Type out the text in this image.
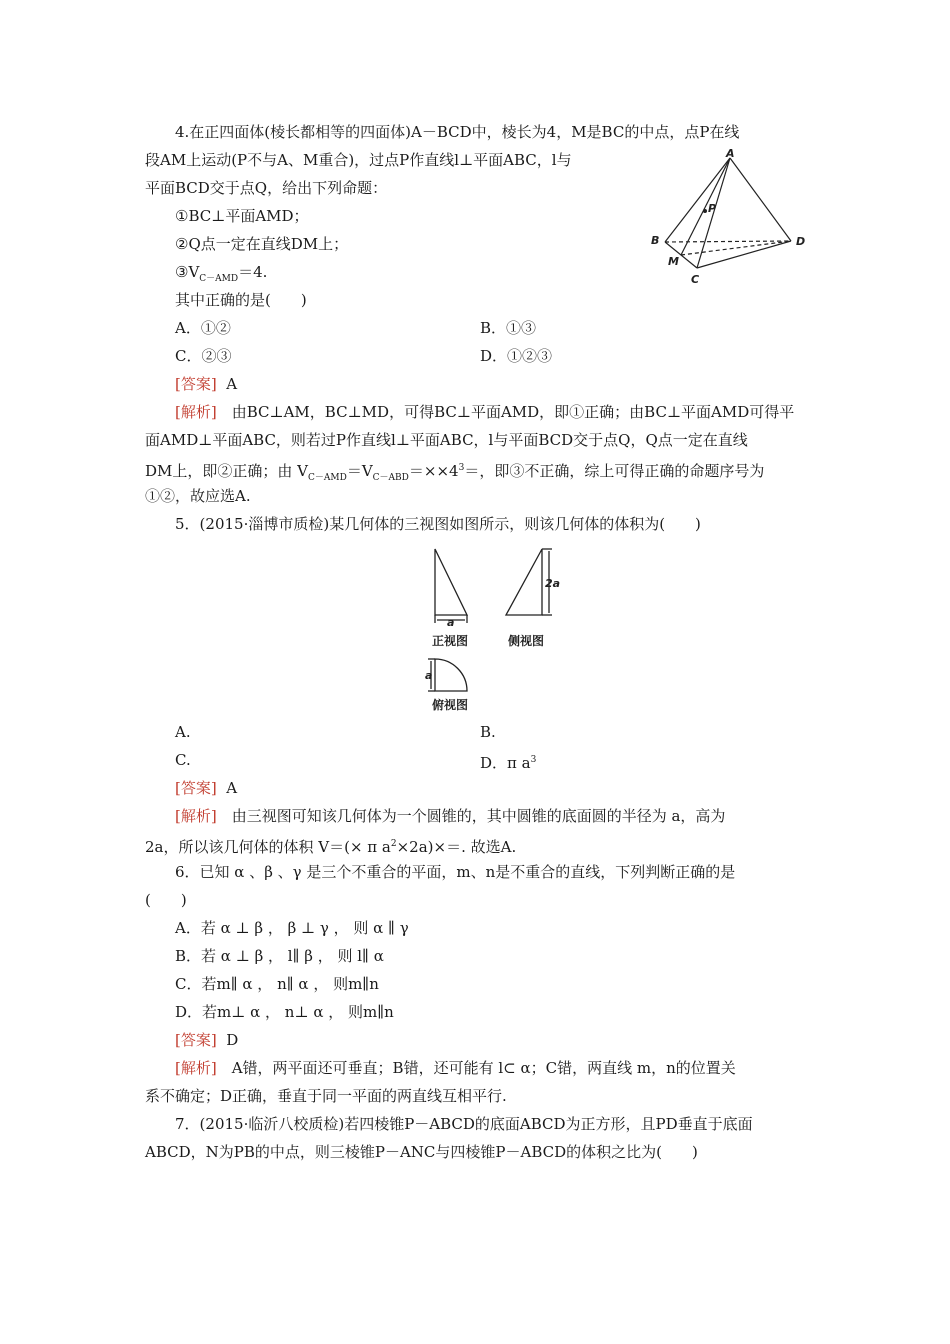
4.在正四面体(棱长都相等的四面体)A－BCD中，棱长为4，M是BC的中点，点P在线
段AM上运动(P不与A、M重合)，过点P作直线l⊥平面ABC，l与
平面BCD交于点Q，给出下列命题：
①BC⊥平面AMD；
②Q点一定在直线DM上；
$③V_{C-AMD}=4$.
其中正确的是(　　)
A．①②	B．①③
C．②③	D．①②③
[答案] A
[解析]　由BC⊥AM，BC⊥MD，可得BC⊥平面AMD，即①正确；由BC⊥平面AMD可得平
面AMD⊥平面ABC，则若过P作直线l⊥平面ABC，l与平面BCD交于点Q，Q点一定在直线
DM上，即②正确；由 $V_{C-AMD}=V_{C-ABD}=\times\times 4^3=$，即③不正确，综上可得正确的命题序号为
①②，故应选A.
A
B
C
D
M
P
5．(2015·淄博市质检)某几何体的三视图如图所示，则该几何体的体积为(　　)
a
2a
a
正视图	侧视图
俯视图
A.	B.
C.	D．π $a^3$
[答案] A
[解析]　由三视图可知该几何体为一个圆锥的，其中圆锥的底面圆的半径为 a，高为
2a，所以该几何体的体积 V＝(× π $a^2\times 2a)\times=$. 故选A.
6．已知 α 、β 、γ 是三个不重合的平面，m、n是不重合的直线，下列判断正确的是
(　　)
A．若 α ⊥ β ， β ⊥ γ ， 则 α ∥ γ
B．若 α ⊥ β ， l∥ β ， 则 l∥ α
C．若m∥ α ， n∥ α ， 则m∥n
D．若m⊥ α ， n⊥ α ， 则m∥n
[答案] D
[解析]　A错，两平面还可垂直；B错，还可能有 l⊂ α；C错，两直线 m，n的位置关
系不确定；D正确，垂直于同一平面的两直线互相平行.
7．(2015·临沂八校质检)若四棱锥P－ABCD的底面ABCD为正方形，且PD垂直于底面
ABCD，N为PB的中点，则三棱锥P－ANC与四棱锥P－ABCD的体积之比为(　　)
